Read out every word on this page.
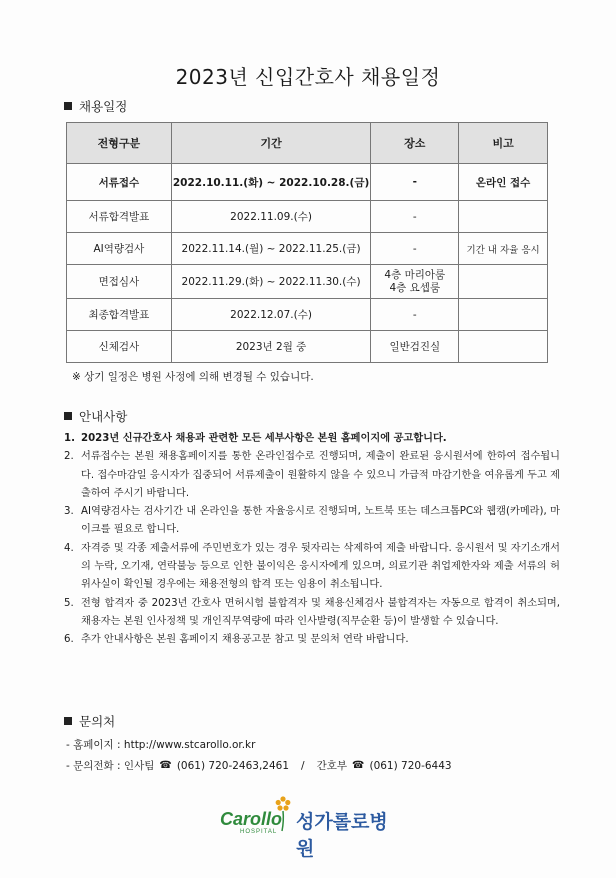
2023년 신입간호사 채용일정
채용일정
전형구분	기간	장소	비고
서류접수	2022.10.11.(화) ~ 2022.10.28.(금)	-	온라인 접수
서류합격발표	2022.11.09.(수)	-	
AI역량검사	2022.11.14.(월) ~ 2022.11.25.(금)	-	기간 내 자율 응시
면접심사	2022.11.29.(화) ~ 2022.11.30.(수)	4층 마리아룸
4층 요셉룸	

최종합격발표	2022.12.07.(수)	-	
신체검사	2023년 2월 중	일반검진실	
※ 상기 일정은 병원 사정에 의해 변경될 수 있습니다.
안내사항
1. 2023년 신규간호사 채용과 관련한 모든 세부사항은 본원 홈페이지에 공고합니다.
2. 서류접수는 본원 채용홈페이지를 통한 온라인접수로 진행되며, 제출이 완료된 응시원서에 한하여 접수됩니다. 접수마감일 응시자가 집중되어 서류제출이 원활하지 않을 수 있으니 가급적 마감기한을 여유롭게 두고 제출하여 주시기 바랍니다.
3. AI역량검사는 검사기간 내 온라인을 통한 자율응시로 진행되며, 노트북 또는 데스크톱PC와 웹캠(카메라), 마이크를 필요로 합니다.
4. 자격증 및 각종 제출서류에 주민번호가 있는 경우 뒷자리는 삭제하여 제출 바랍니다. 응시원서 및 자기소개서의 누락, 오기재, 연락불능 등으로 인한 불이익은 응시자에게 있으며, 의료기관 취업제한자와 제출 서류의 허위사실이 확인될 경우에는 채용전형의 합격 또는 임용이 취소됩니다.
5. 전형 합격자 중 2023년 간호사 면허시험 불합격자 및 채용신체검사 불합격자는 자동으로 합격이 취소되며, 채용자는 본원 인사정책 및 개인직무역량에 따라 인사발령(직무순환 등)이 발생할 수 있습니다.
6. 추가 안내사항은 본원 홈페이지 채용공고문 참고 및 문의처 연락 바랍니다.
문의처
- 홈페이지 : http://www.stcarollo.or.kr
- 문의전화 : 인사팀 ☎ (061) 720-2463,2461 / 간호부 ☎ (061) 720-6443
Carollo
HOSPITAL 성가롤로병원
